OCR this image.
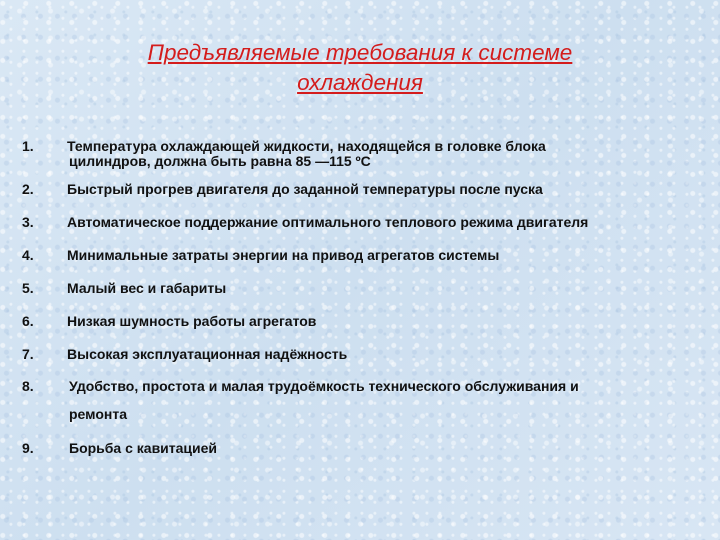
Предъявляемые требования к системе
охлаждения
1. Температура охлаждающей жидкости, находящейся в головке блока
цилиндров, должна быть равна 85 —115 ºС
2. Быстрый прогрев двигателя до заданной температуры после пуска
3. Автоматическое поддержание оптимального теплового режима двигателя
4. Минимальные затраты энергии на привод агрегатов системы
5. Малый вес и габариты
6. Низкая шумность работы агрегатов
7. Высокая эксплуатационная надёжность
8.	Удобство, простота и малая трудоёмкость технического обслуживания и
ремонта
9.	Борьба с кавитацией
